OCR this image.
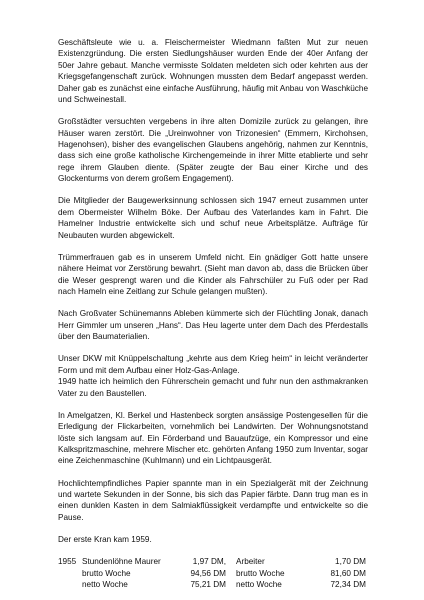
Geschäftsleute wie u. a. Fleischermeister Wiedmann faßten Mut zur neuen Existenzgründung. Die ersten Siedlungshäuser wurden Ende der 40er Anfang der 50er Jahre gebaut. Manche vermisste Soldaten meldeten sich oder kehrten aus der Kriegsgefangenschaft zurück. Wohnungen mussten dem Bedarf angepasst werden. Daher gab es zunächst eine einfache Ausführung, häufig mit Anbau von Waschküche und Schweinestall.

Großstädter versuchten vergebens in ihre alten Domizile zurück zu gelangen, ihre Häuser waren zerstört. Die „Ureinwohner von Trizonesien“ (Emmern, Kirchohsen, Hagenohsen), bisher des evangelischen Glaubens angehörig, nahmen zur Kenntnis, dass sich eine große katholische Kirchengemeinde in ihrer Mitte etablierte und sehr rege ihrem Glauben diente. (Später zeugte der Bau einer Kirche und des Glockenturms von derem großem Engagement).

Die Mitglieder der Baugewerksinnung schlossen sich 1947 erneut zusammen unter dem Obermeister Wilhelm Böke. Der Aufbau des Vaterlandes kam in Fahrt. Die Hamelner Industrie entwickelte sich und schuf neue Arbeitsplätze. Aufträge für Neubauten wurden abgewickelt.

Trümmerfrauen gab es in unserem Umfeld nicht. Ein gnädiger Gott hatte unsere nähere Heimat vor Zerstörung bewahrt. (Sieht man davon ab, dass die Brücken über die Weser gesprengt waren und die Kinder als Fahrschüler zu Fuß oder per Rad nach Hameln eine Zeitlang zur Schule gelangen mußten).

Nach Großvater Schünemanns Ableben kümmerte sich der Flüchtling Jonak, danach Herr Gimmler um unseren „Hans“. Das Heu lagerte unter dem Dach des Pferdestalls über den Baumaterialien.

Unser DKW mit Knüppelschaltung „kehrte aus dem Krieg heim“ in leicht veränderter Form und mit dem Aufbau einer Holz-Gas-Anlage.
1949 hatte ich heimlich den Führerschein gemacht und fuhr nun den asthmakranken Vater zu den Baustellen.

In Amelgatzen, Kl. Berkel und Hastenbeck sorgten ansässige Postengesellen für die Erledigung der Flickarbeiten, vornehmlich bei Landwirten. Der Wohnungsnotstand löste sich langsam auf. Ein Förderband und Bauaufzüge, ein Kompressor und eine Kalkspritzmaschine, mehrere Mischer etc. gehörten Anfang 1950 zum Inventar, sogar eine Zeichenmaschine (Kuhlmann) und ein Lichtpausgerät.

Hochlichtempfindliches Papier spannte man in ein Spezialgerät mit der Zeichnung und wartete Sekunden in der Sonne, bis sich das Papier färbte. Dann trug man es in einen dunklen Kasten in dem Salmiakflüssigkeit verdampfte und entwickelte so die Pause.

Der erste Kran kam 1959.

1955	Stundenlöhne Maurer	1,97 DM,	Arbeiter	1,70 DM
	brutto Woche	94,56 DM	brutto Woche	81,60 DM
	netto Woche	75,21 DM	netto Woche	72,34 DM
